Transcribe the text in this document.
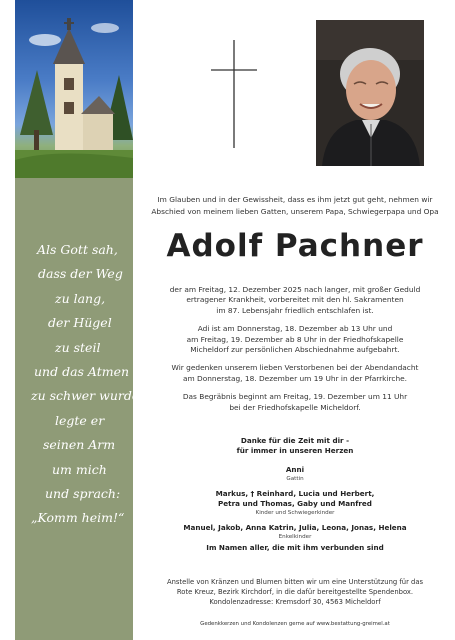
Als Gott sah,
dass der Weg
zu lang,
der Hügel
zu steil
und das Atmen
zu schwer wurde,
legte er
seinen Arm
um mich
und sprach:
„Komm heim!“
Im Glauben und in der Gewissheit, dass es ihm jetzt gut geht, nehmen wir
Abschied von meinem lieben Gatten, unserem Papa, Schwiegerpapa und Opa
Adolf Pachner

der am Freitag, 12. Dezember 2025 nach langer, mit großer Geduld
ertragener Krankheit, vorbereitet mit den hl. Sakramenten
im 87. Lebensjahr friedlich entschlafen ist.

Adi ist am Donnerstag, 18. Dezember ab 13 Uhr und
am Freitag, 19. Dezember ab 8 Uhr in der Friedhofskapelle
Micheldorf zur persönlichen Abschiednahme aufgebahrt.

Wir gedenken unserem lieben Verstorbenen bei der Abendandacht
am Donnerstag, 18. Dezember um 19 Uhr in der Pfarrkirche.

Das Begräbnis beginnt am Freitag, 19. Dezember um 11 Uhr
bei der Friedhofskapelle Micheldorf.

Danke für die Zeit mit dir -
für immer in unseren Herzen
Anni
Gattin
Markus, † Reinhard, Lucia und Herbert,
Petra und Thomas, Gaby und Manfred
Kinder und Schwiegerkinder
Manuel, Jakob, Anna Katrin, Julia, Leona, Jonas, Helena
Enkelkinder
Im Namen aller, die mit ihm verbunden sind
Anstelle von Kränzen und Blumen bitten wir um eine Unterstützung für das
Rote Kreuz, Bezirk Kirchdorf, in die dafür bereitgestellte Spendenbox.
Kondolenzadresse: Kremsdorf 30, 4563 Micheldorf
Gedenkkerzen und Kondolenzen gerne auf www.bestattung-greimel.at
